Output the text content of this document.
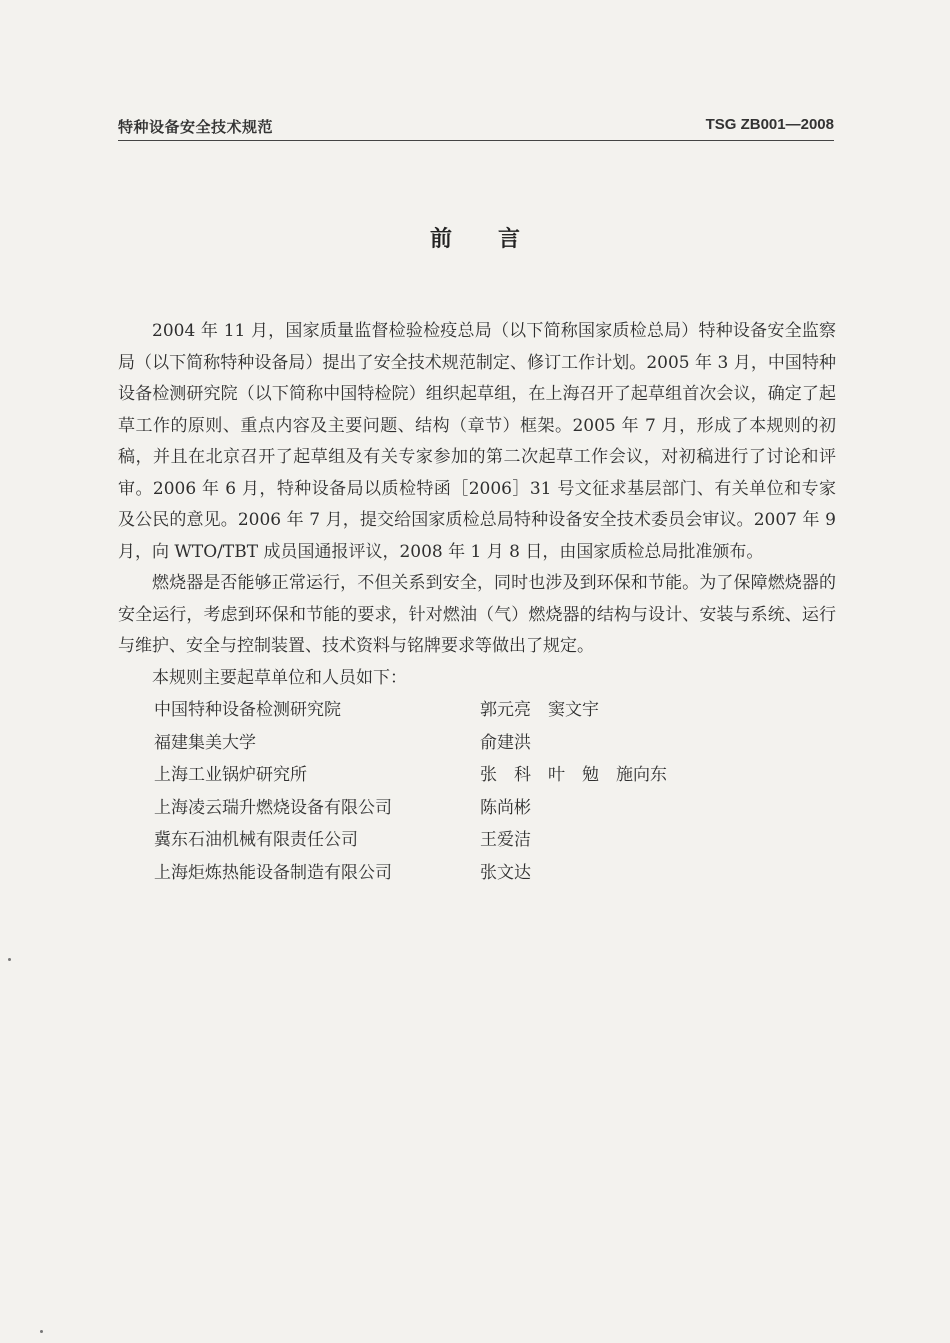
特种设备安全技术规范	TSG ZB001—2008
前言

2004 年 11 月，国家质量监督检验检疫总局（以下简称国家质检总局）特种设备安全监察局（以下简称特种设备局）提出了安全技术规范制定、修订工作计划。2005 年 3 月，中国特种设备检测研究院（以下简称中国特检院）组织起草组，在上海召开了起草组首次会议，确定了起草工作的原则、重点内容及主要问题、结构（章节）框架。2005 年 7 月，形成了本规则的初稿，并且在北京召开了起草组及有关专家参加的第二次起草工作会议，对初稿进行了讨论和评审。2006 年 6 月，特种设备局以质检特函［2006］31 号文征求基层部门、有关单位和专家及公民的意见。2006 年 7 月，提交给国家质检总局特种设备安全技术委员会审议。2007 年 9 月，向 WTO/TBT 成员国通报评议，2008 年 1 月 8 日，由国家质检总局批准颁布。

燃烧器是否能够正常运行，不但关系到安全，同时也涉及到环保和节能。为了保障燃烧器的安全运行，考虑到环保和节能的要求，针对燃油（气）燃烧器的结构与设计、安装与系统、运行与维护、安全与控制装置、技术资料与铭牌要求等做出了规定。

本规则主要起草单位和人员如下：

中国特种设备检测研究院	郭元亮　窦文宇
福建集美大学	俞建洪
上海工业锅炉研究所	张　科　叶　勉　施向东
上海凌云瑞升燃烧设备有限公司	陈尚彬
冀东石油机械有限责任公司	王爱洁
上海炬炼热能设备制造有限公司	张文达
